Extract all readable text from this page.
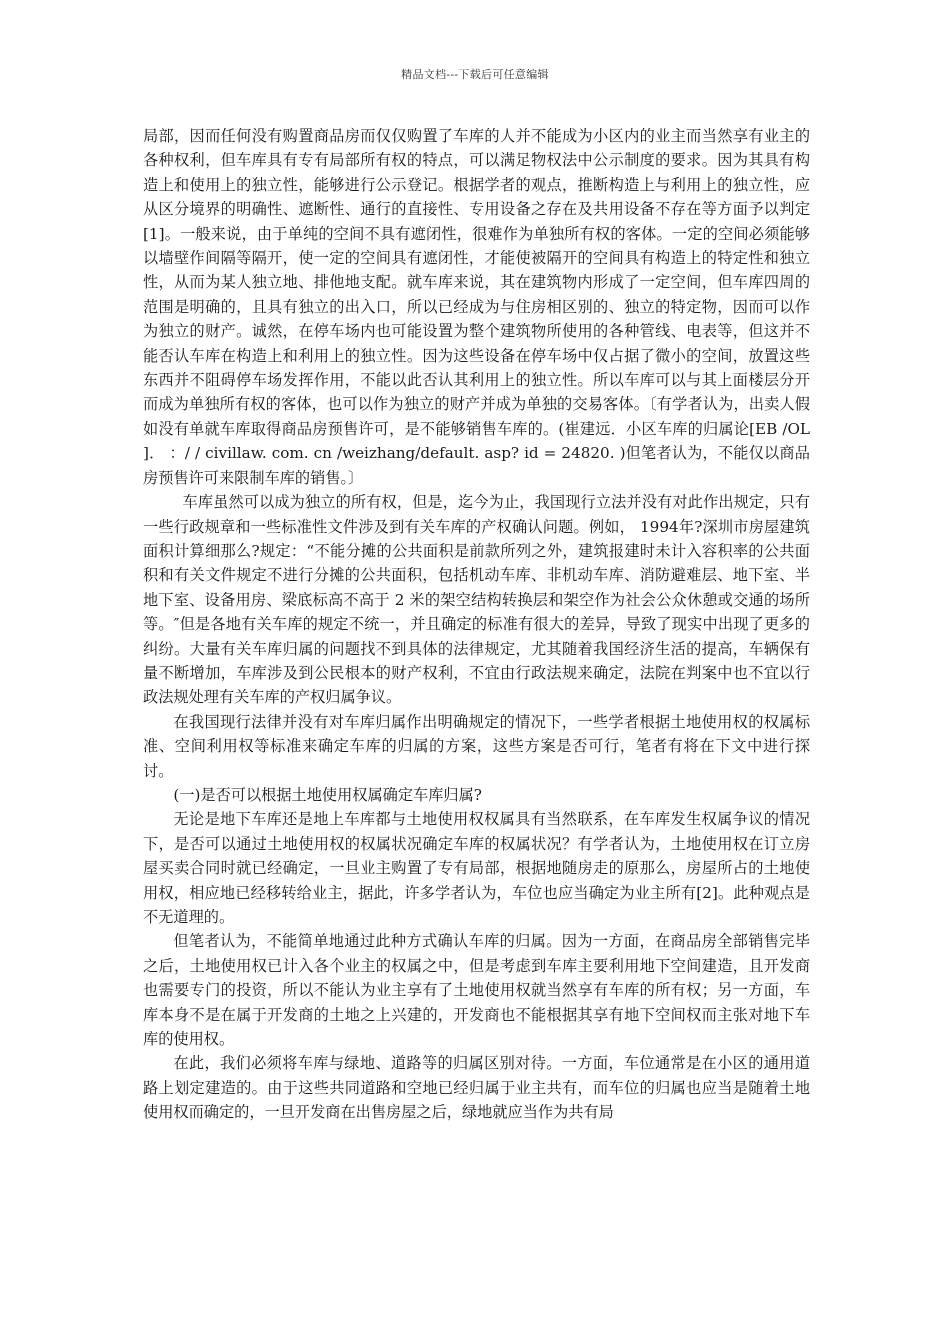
精品文档---下载后可任意编辑

局部，因而任何没有购置商品房而仅仅购置了车库的人并不能成为小区内的业主而当然享有业主的各种权利，但车库具有专有局部所有权的特点，可以满足物权法中公示制度的要求。因为其具有构造上和使用上的独立性，能够进行公示登记。根据学者的观点，推断构造上与利用上的独立性，应从区分境界的明确性、遮断性、通行的直接性、专用设备之存在及共用设备不存在等方面予以判定[1]。一般来说，由于单纯的空间不具有遮闭性，很难作为单独所有权的客体。一定的空间必须能够以墙壁作间隔等隔开，使一定的空间具有遮闭性，才能使被隔开的空间具有构造上的特定性和独立性，从而为某人独立地、排他地支配。就车库来说，其在建筑物内形成了一定空间，但车库四周的范围是明确的，且具有独立的出入口，所以已经成为与住房相区别的、独立的特定物，因而可以作为独立的财产。诚然，在停车场内也可能设置为整个建筑物所使用的各种管线、电表等，但这并不能否认车库在构造上和利用上的独立性。因为这些设备在停车场中仅占据了微小的空间，放置这些东西并不阻碍停车场发挥作用，不能以此否认其利用上的独立性。所以车库可以与其上面楼层分开而成为单独所有权的客体，也可以作为独立的财产并成为单独的交易客体。〔有学者认为，出卖人假如没有单就车库取得商品房预售许可，是不能够销售车库的。(崔建远．小区车库的归属论[EB /OL ]． ：/ / civillaw. com. cn /weizhang/default. asp? id = 24820. )但笔者认为，不能仅以商品房预售许可来限制车库的销售。〕

车库虽然可以成为独立的所有权，但是，迄今为止，我国现行立法并没有对此作出规定，只有一些行政规章和一些标准性文件涉及到有关车库的产权确认问题。例如， 1994年?深圳市房屋建筑面积计算细那么?规定：“不能分摊的公共面积是前款所列之外，建筑报建时未计入容积率的公共面积和有关文件规定不进行分摊的公共面积，包括机动车库、非机动车库、消防避难层、地下室、半地下室、设备用房、梁底标高不高于 2 米的架空结构转换层和架空作为社会公众休憩或交通的场所等。″但是各地有关车库的规定不统一，并且确定的标准有很大的差异，导致了现实中出现了更多的纠纷。大量有关车库归属的问题找不到具体的法律规定，尤其随着我国经济生活的提高，车辆保有量不断增加，车库涉及到公民根本的财产权利，不宜由行政法规来确定，法院在判案中也不宜以行政法规处理有关车库的产权归属争议。

在我国现行法律并没有对车库归属作出明确规定的情况下，一些学者根据土地使用权的权属标准、空间利用权等标准来确定车库的归属的方案，这些方案是否可行，笔者有将在下文中进行探讨。

(一)是否可以根据土地使用权属确定车库归属?

无论是地下车库还是地上车库都与土地使用权权属具有当然联系，在车库发生权属争议的情况下，是否可以通过土地使用权的权属状况确定车库的权属状况？有学者认为，土地使用权在订立房屋买卖合同时就已经确定，一旦业主购置了专有局部，根据地随房走的原那么，房屋所占的土地使用权，相应地已经移转给业主，据此，许多学者认为，车位也应当确定为业主所有[2]。此种观点是不无道理的。

但笔者认为，不能简单地通过此种方式确认车库的归属。因为一方面，在商品房全部销售完毕之后，土地使用权已计入各个业主的权属之中，但是考虑到车库主要利用地下空间建造，且开发商也需要专门的投资，所以不能认为业主享有了土地使用权就当然享有车库的所有权；另一方面，车库本身不是在属于开发商的土地之上兴建的，开发商也不能根据其享有地下空间权而主张对地下车库的使用权。

在此，我们必须将车库与绿地、道路等的归属区别对待。一方面，车位通常是在小区的通用道路上划定建造的。由于这些共同道路和空地已经归属于业主共有，而车位的归属也应当是随着土地使用权而确定的，一旦开发商在出售房屋之后，绿地就应当作为共有局
